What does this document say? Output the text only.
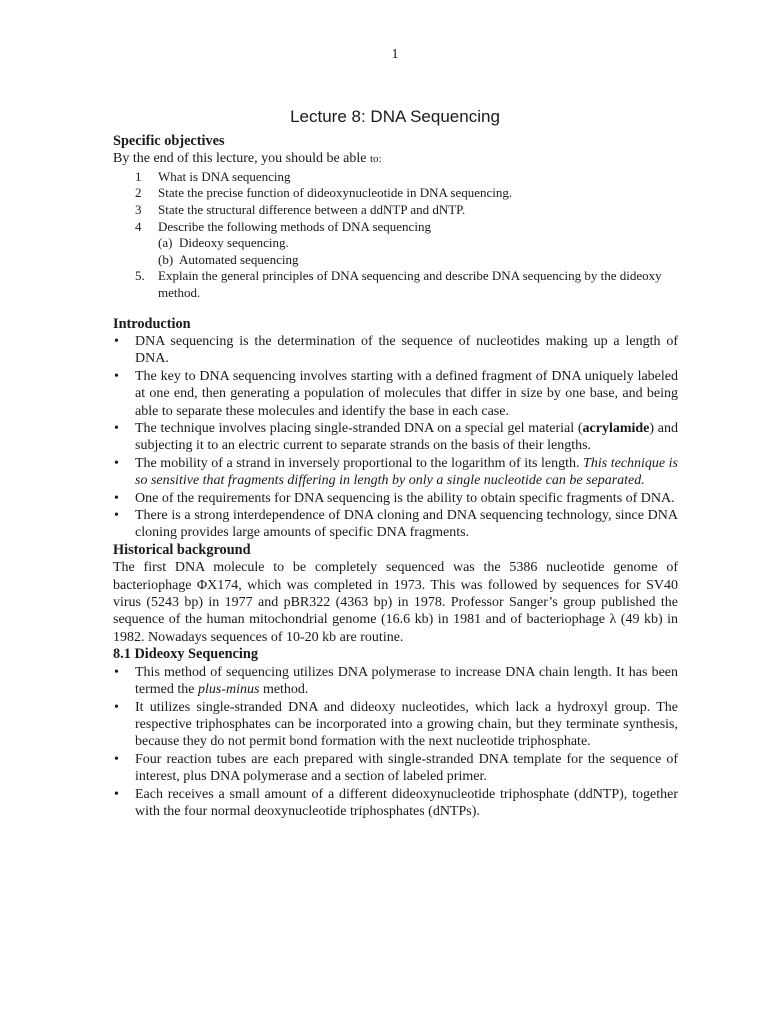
1
Lecture 8: DNA Sequencing
Specific objectives
By the end of this lecture, you should be able to:
1 What is DNA sequencing
2 State the precise function of dideoxynucleotide in DNA sequencing.
3 State the structural difference between a ddNTP and dNTP.
4 Describe the following methods of DNA sequencing
(a) Dideoxy sequencing.
(b) Automated sequencing
5. Explain the general principles of DNA sequencing and describe DNA sequencing by the dideoxy method.
Introduction
• DNA sequencing is the determination of the sequence of nucleotides making up a length of DNA.
• The key to DNA sequencing involves starting with a defined fragment of DNA uniquely labeled at one end, then generating a population of molecules that differ in size by one base, and being able to separate these molecules and identify the base in each case.
• The technique involves placing single-stranded DNA on a special gel material (acrylamide) and subjecting it to an electric current to separate strands on the basis of their lengths.
• The mobility of a strand in inversely proportional to the logarithm of its length. This technique is so sensitive that fragments differing in length by only a single nucleotide can be separated.
• One of the requirements for DNA sequencing is the ability to obtain specific fragments of DNA.
• There is a strong interdependence of DNA cloning and DNA sequencing technology, since DNA cloning provides large amounts of specific DNA fragments.
Historical background
The first DNA molecule to be completely sequenced was the 5386 nucleotide genome of bacteriophage ΦX174, which was completed in 1973. This was followed by sequences for SV40 virus (5243 bp) in 1977 and pBR322 (4363 bp) in 1978. Professor Sanger’s group published the sequence of the human mitochondrial genome (16.6 kb) in 1981 and of bacteriophage λ (49 kb) in 1982. Nowadays sequences of 10-20 kb are routine.
8.1 Dideoxy Sequencing
• This method of sequencing utilizes DNA polymerase to increase DNA chain length. It has been termed the plus-minus method.
• It utilizes single-stranded DNA and dideoxy nucleotides, which lack a hydroxyl group. The respective triphosphates can be incorporated into a growing chain, but they terminate synthesis, because they do not permit bond formation with the next nucleotide triphosphate.
• Four reaction tubes are each prepared with single-stranded DNA template for the sequence of interest, plus DNA polymerase and a section of labeled primer.
• Each receives a small amount of a different dideoxynucleotide triphosphate (ddNTP), together with the four normal deoxynucleotide triphosphates (dNTPs).
